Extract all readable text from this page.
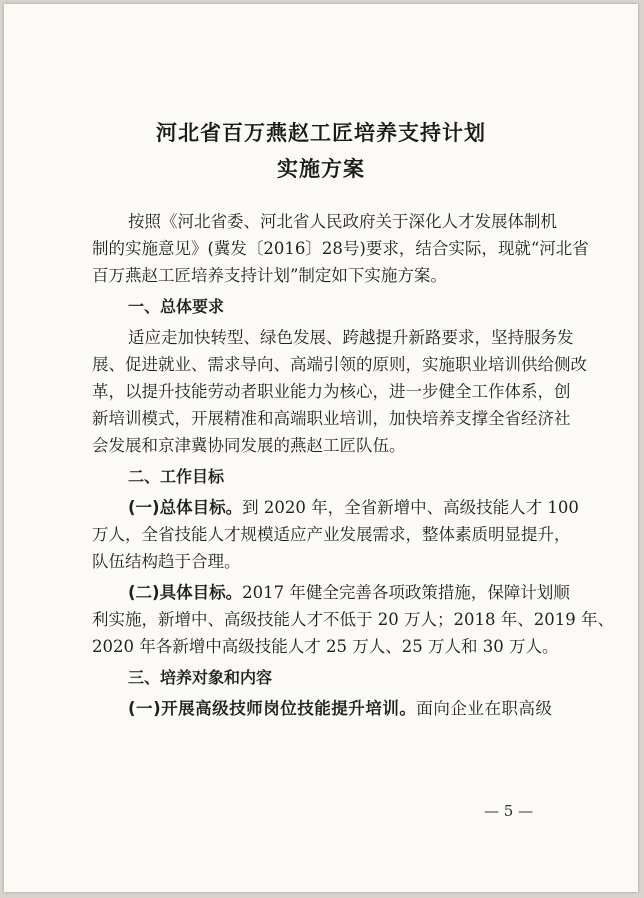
河北省百万燕赵工匠培养支持计划
实施方案
按照《河北省委、河北省人民政府关于深化人才发展体制机
制的实施意见》(冀发〔2016〕28号)要求，结合实际，现就“河北省
百万燕赵工匠培养支持计划”制定如下实施方案。
一、总体要求
适应走加快转型、绿色发展、跨越提升新路要求，坚持服务发
展、促进就业、需求导向、高端引领的原则，实施职业培训供给侧改
革，以提升技能劳动者职业能力为核心，进一步健全工作体系，创
新培训模式，开展精准和高端职业培训，加快培养支撑全省经济社
会发展和京津冀协同发展的燕赵工匠队伍。
二、工作目标
(一)总体目标。到 2020 年，全省新增中、高级技能人才 100
万人，全省技能人才规模适应产业发展需求，整体素质明显提升，
队伍结构趋于合理。
(二)具体目标。2017 年健全完善各项政策措施，保障计划顺
利实施，新增中、高级技能人才不低于 20 万人；2018 年、2019 年、
2020 年各新增中高级技能人才 25 万人、25 万人和 30 万人。
三、培养对象和内容
(一)开展高级技师岗位技能提升培训。面向企业在职高级
— 5 —
